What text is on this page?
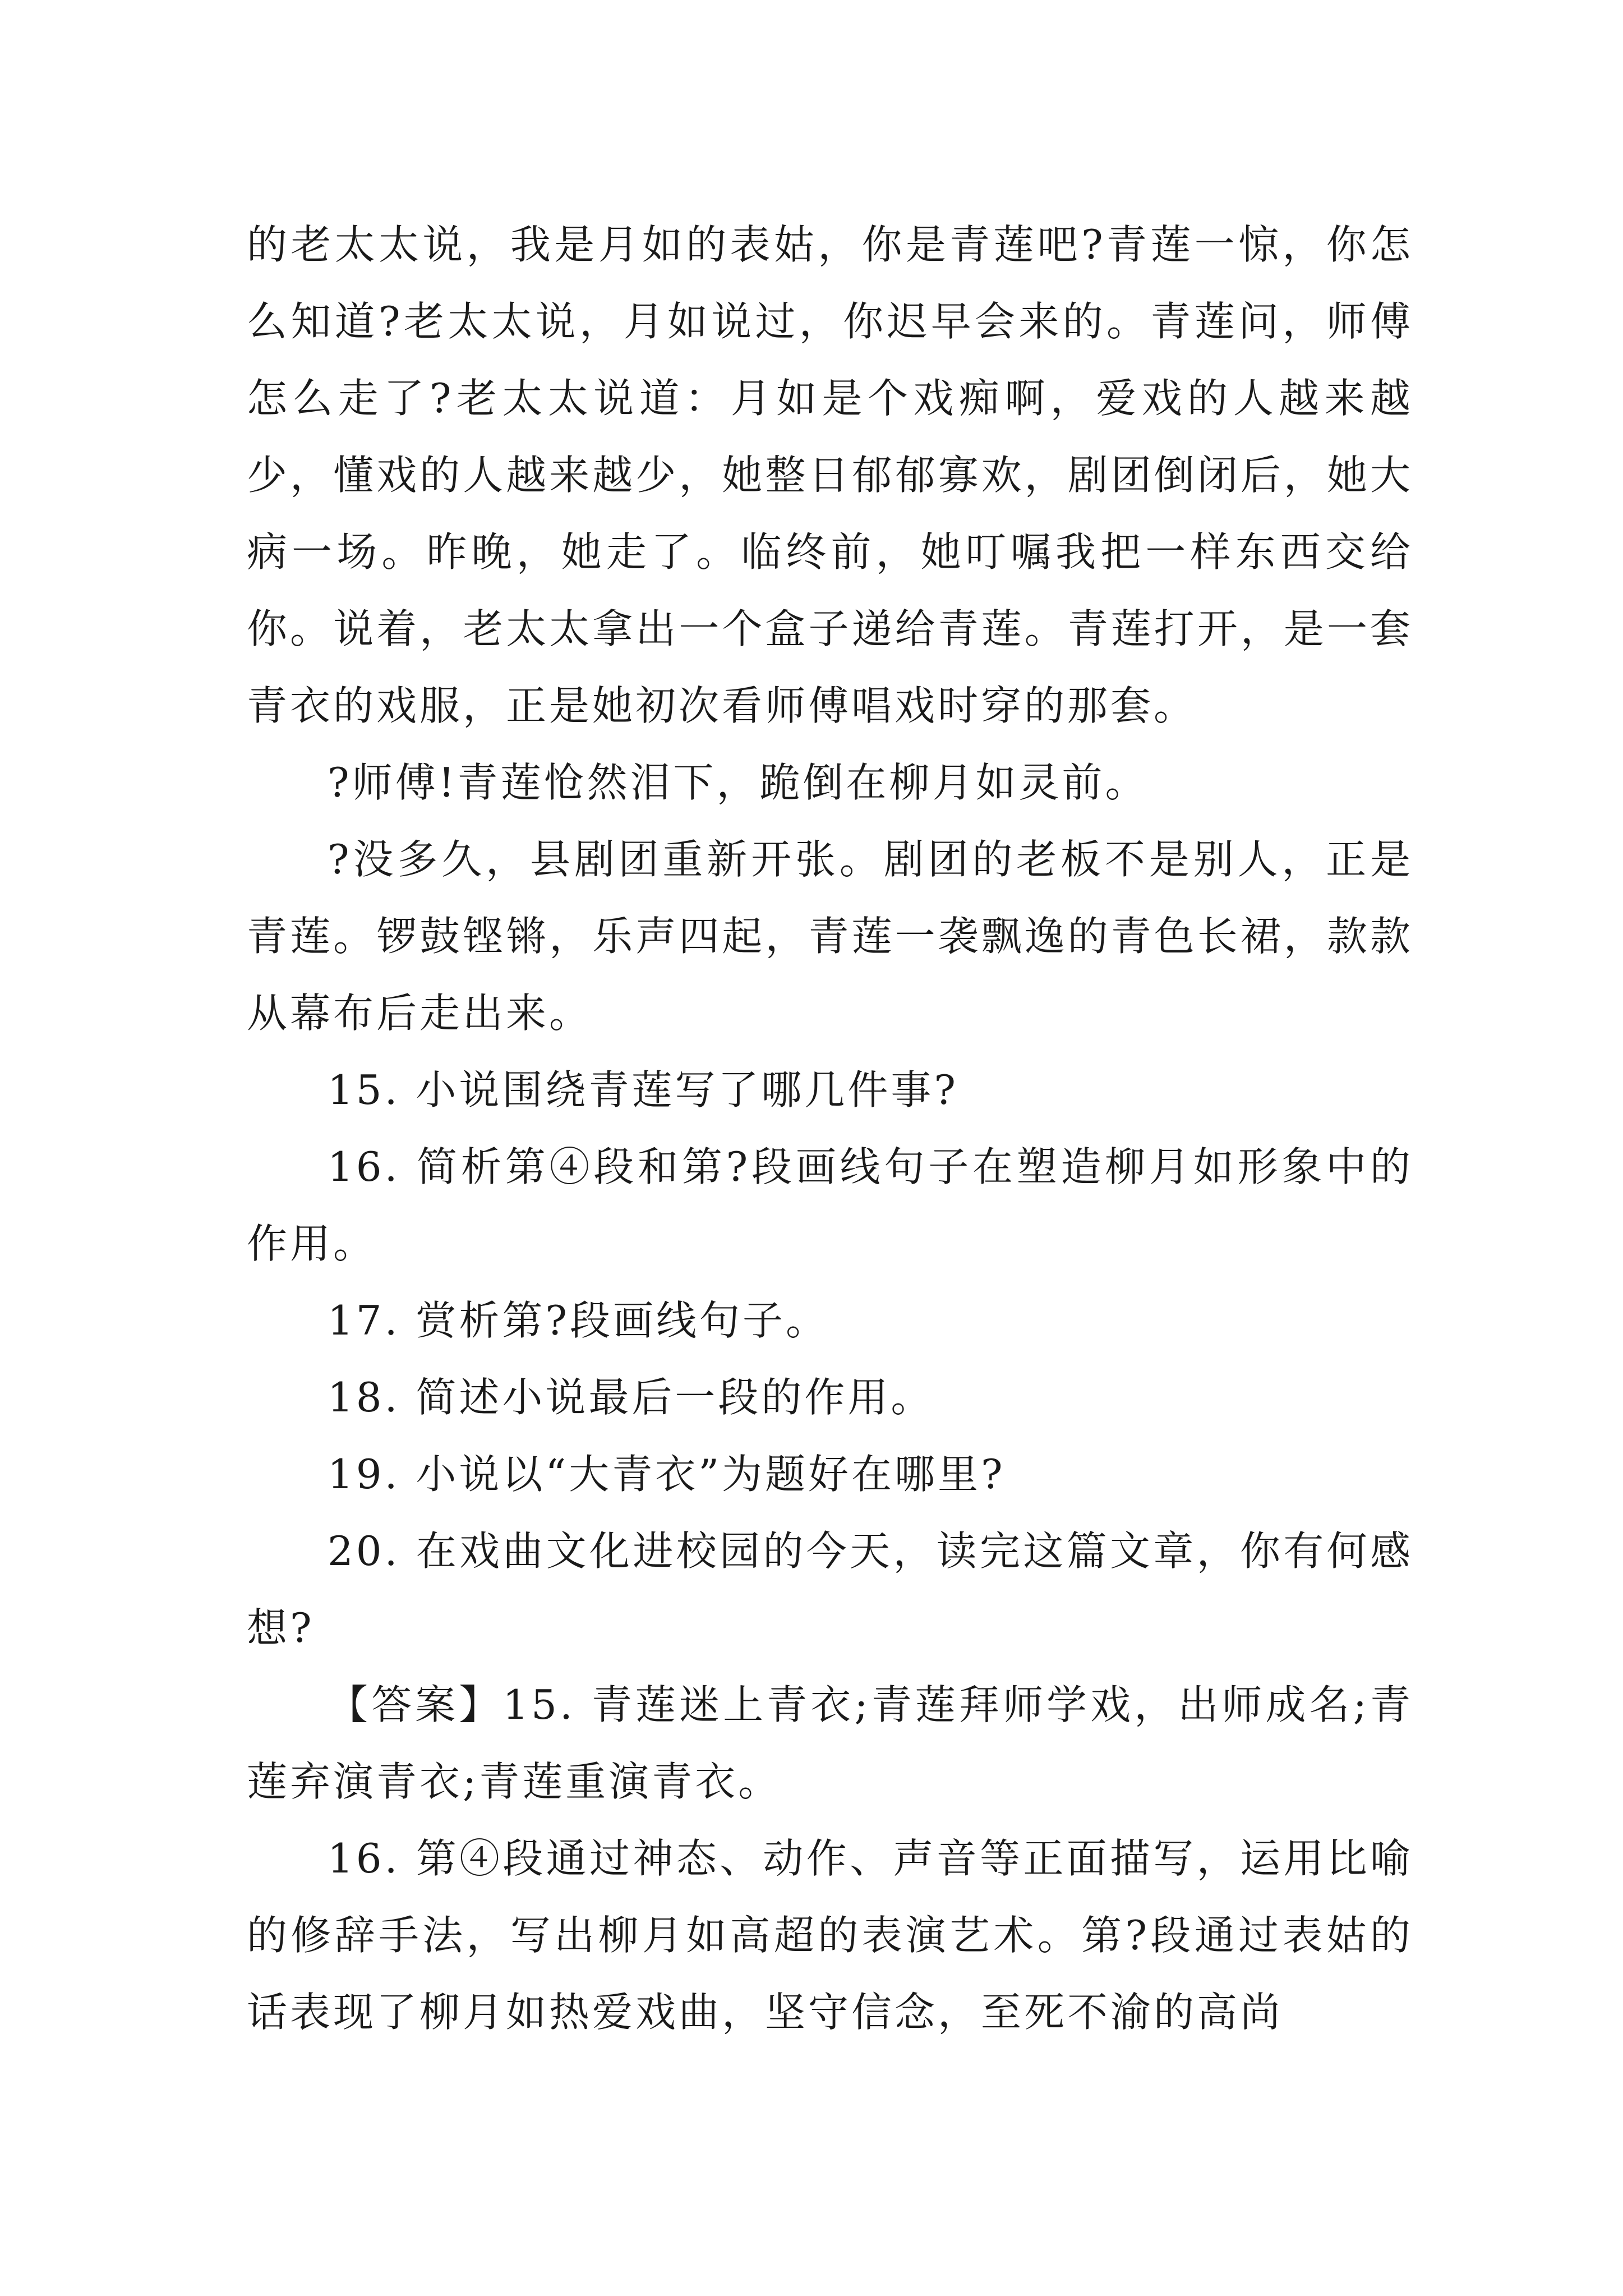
的老太太说，我是月如的表姑，你是青莲吧?青莲一惊，你怎么知道?老太太说，月如说过，你迟早会来的。青莲问，师傅怎么走了?老太太说道：月如是个戏痴啊，爱戏的人越来越少，懂戏的人越来越少，她整日郁郁寡欢，剧团倒闭后，她大病一场。昨晚，她走了。临终前，她叮嘱我把一样东西交给你。说着，老太太拿出一个盒子递给青莲。青莲打开，是一套青衣的戏服，正是她初次看师傅唱戏时穿的那套。

?师傅!青莲怆然泪下，跪倒在柳月如灵前。

?没多久，县剧团重新开张。剧团的老板不是别人，正是青莲。锣鼓铿锵，乐声四起，青莲一袭飘逸的青色长裙，款款从幕布后走出来。

15. 小说围绕青莲写了哪几件事?

16. 简析第④段和第?段画线句子在塑造柳月如形象中的作用。

17. 赏析第?段画线句子。

18. 简述小说最后一段的作用。

19. 小说以“大青衣”为题好在哪里?

20. 在戏曲文化进校园的今天，读完这篇文章，你有何感想?

【答案】15. 青莲迷上青衣;青莲拜师学戏，出师成名;青莲弃演青衣;青莲重演青衣。

16. 第④段通过神态、动作、声音等正面描写，运用比喻的修辞手法，写出柳月如高超的表演艺术。第?段通过表姑的话表现了柳月如热爱戏曲，坚守信念，至死不渝的高尚
